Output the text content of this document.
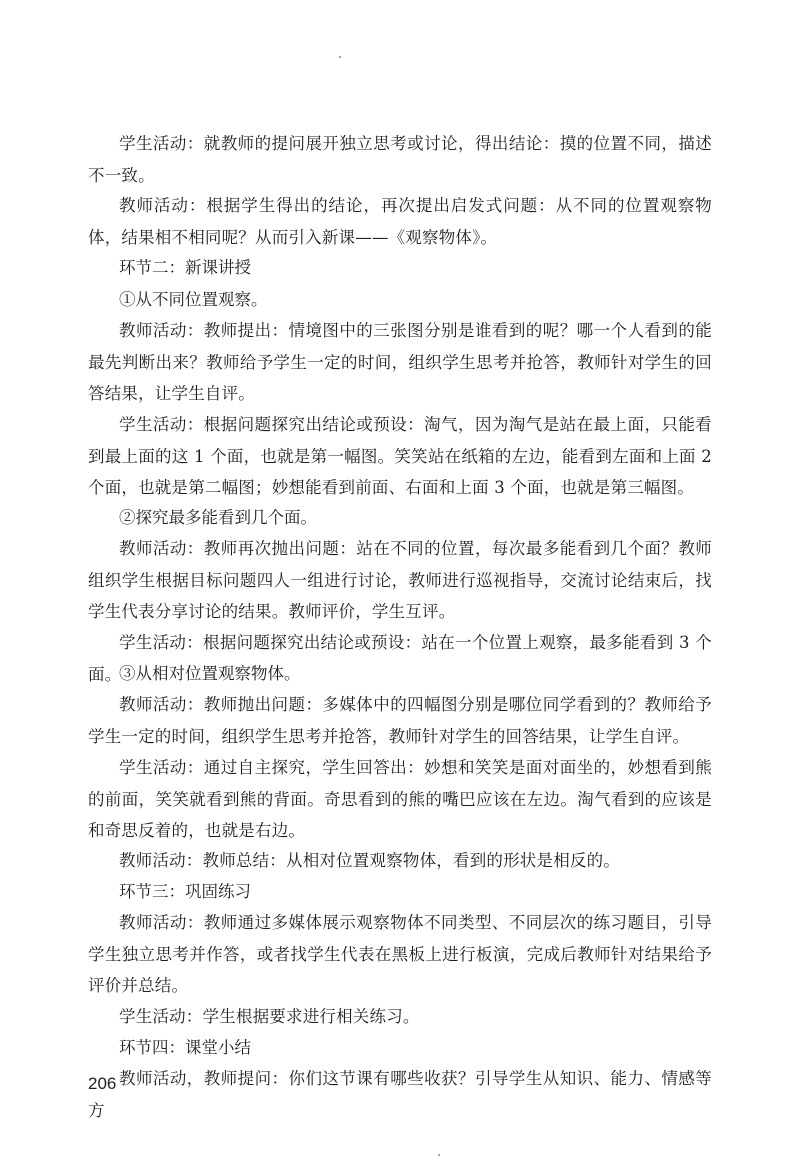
学生活动：就教师的提问展开独立思考或讨论，得出结论：摸的位置不同，描述不一致。

教师活动：根据学生得出的结论，再次提出启发式问题：从不同的位置观察物体，结果相不相同呢？从而引入新课——《观察物体》。

环节二：新课讲授

①从不同位置观察。

教师活动：教师提出：情境图中的三张图分别是谁看到的呢？哪一个人看到的能最先判断出来？教师给予学生一定的时间，组织学生思考并抢答，教师针对学生的回答结果，让学生自评。

学生活动：根据问题探究出结论或预设：淘气，因为淘气是站在最上面，只能看到最上面的这 1 个面，也就是第一幅图。笑笑站在纸箱的左边，能看到左面和上面 2 个面，也就是第二幅图；妙想能看到前面、右面和上面 3 个面，也就是第三幅图。

②探究最多能看到几个面。

教师活动：教师再次抛出问题：站在不同的位置，每次最多能看到几个面？教师组织学生根据目标问题四人一组进行讨论，教师进行巡视指导，交流讨论结束后，找学生代表分享讨论的结果。教师评价，学生互评。

学生活动：根据问题探究出结论或预设：站在一个位置上观察，最多能看到 3 个面。

③从相对位置观察物体。

教师活动：教师抛出问题：多媒体中的四幅图分别是哪位同学看到的？教师给予学生一定的时间，组织学生思考并抢答，教师针对学生的回答结果，让学生自评。

学生活动：通过自主探究，学生回答出：妙想和笑笑是面对面坐的，妙想看到熊的前面，笑笑就看到熊的背面。奇思看到的熊的嘴巴应该在左边。淘气看到的应该是和奇思反着的，也就是右边。

教师活动：教师总结：从相对位置观察物体，看到的形状是相反的。

环节三：巩固练习

教师活动：教师通过多媒体展示观察物体不同类型、不同层次的练习题目，引导学生独立思考并作答，或者找学生代表在黑板上进行板演，完成后教师针对结果给予评价并总结。

学生活动：学生根据要求进行相关练习。

环节四：课堂小结

教师活动，教师提问：你们这节课有哪些收获？引导学生从知识、能力、情感等方

206
